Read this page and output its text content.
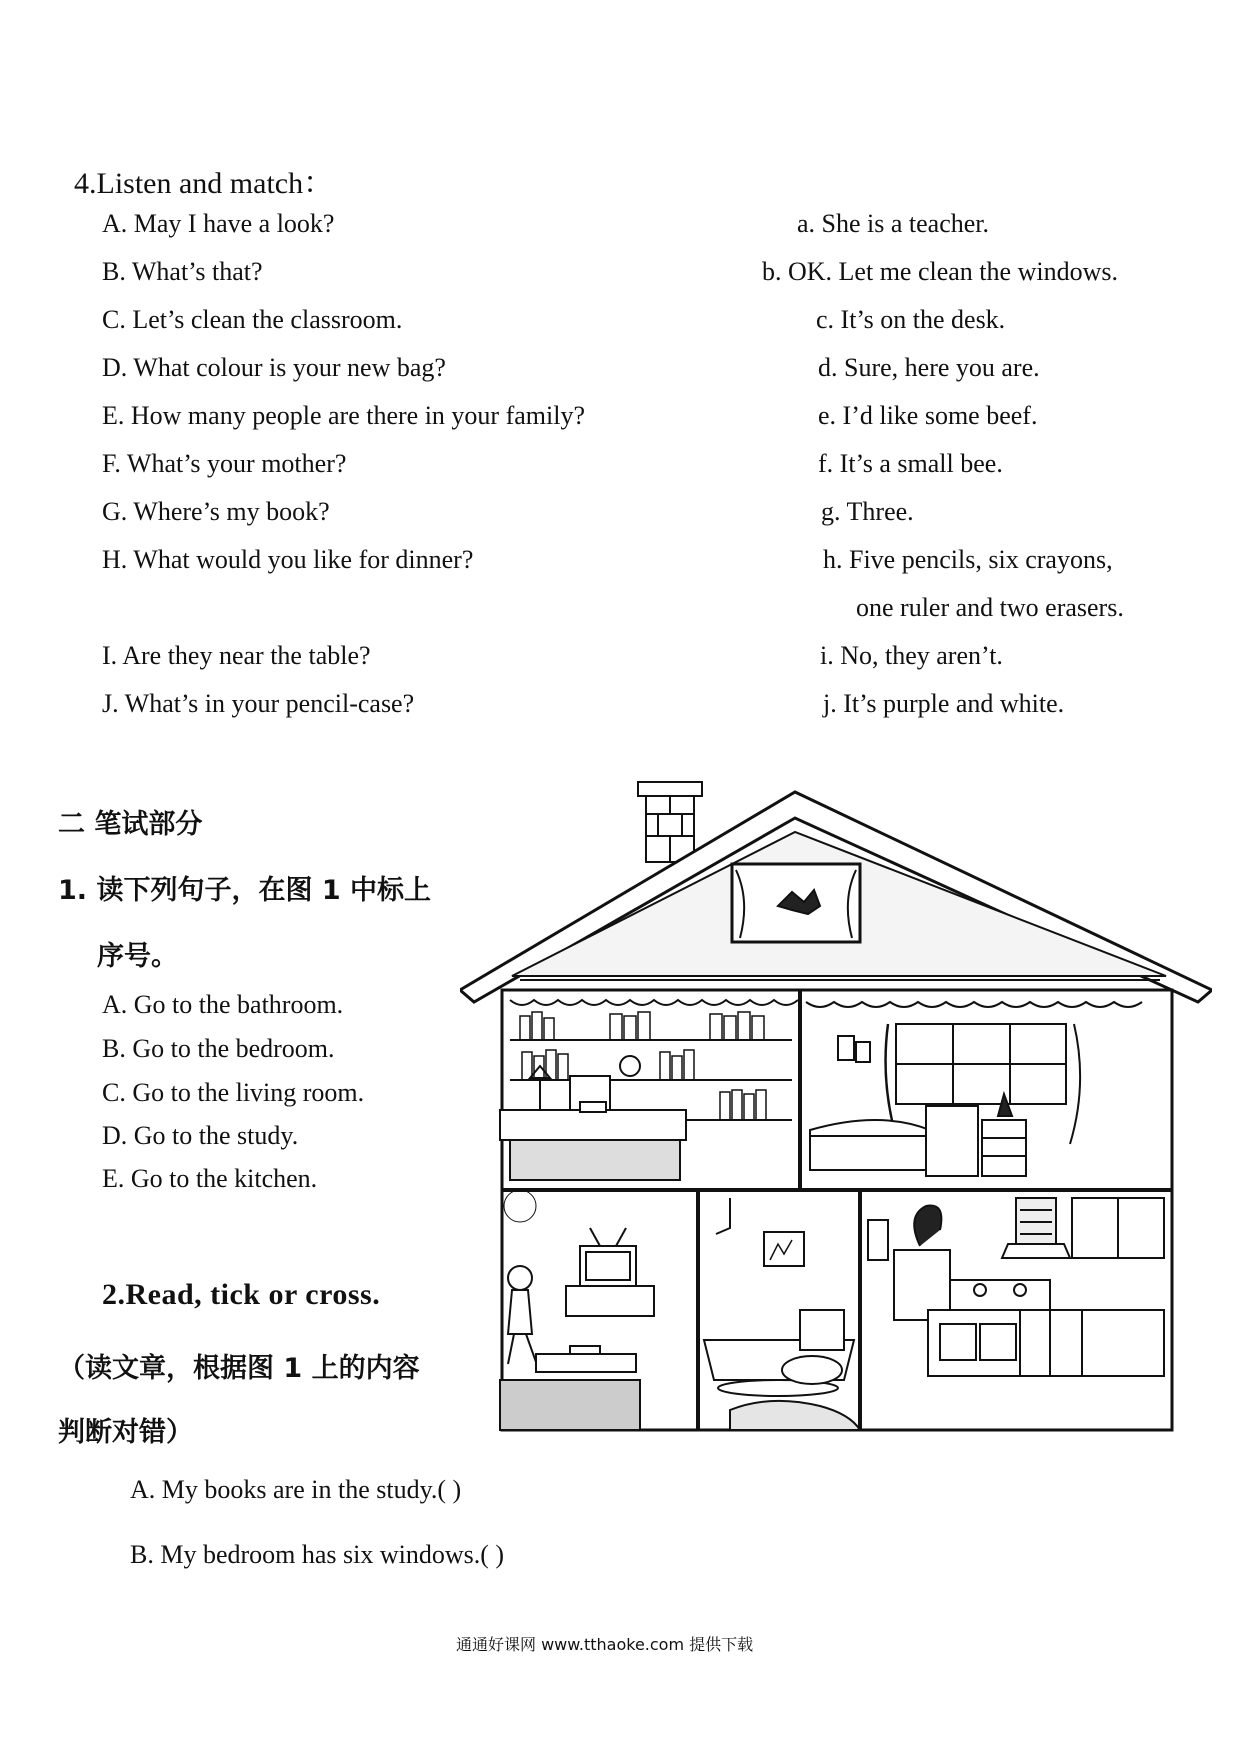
4.Listen and match：
A. May I have a look?
B. What’s that?
C. Let’s clean the classroom.
D. What colour is your new bag?
E. How many people are there in your family?
F. What’s your mother?
G. Where’s my book?
H. What would you like for dinner?
I. Are they near the table?
J. What’s in your pencil-case?
a. She is a teacher.
b. OK. Let me clean the windows.
c. It’s on the desk.
d. Sure, here you are.
e. I’d like some beef.
f. It’s a small bee.
g. Three.
h. Five pencils, six crayons,
one ruler and two erasers.
i. No, they aren’t.
j. It’s purple and white.
二 笔试部分
1. 读下列句子，在图 1 中标上
序号。
A. Go to the bathroom.
B. Go to the bedroom.
C. Go to the living room.
D. Go to the study.
E. Go to the kitchen.
2.Read, tick or cross.
（读文章，根据图 1 上的内容
判断对错）
A. My books are in the study.( )
B. My bedroom has six windows.( )
通通好课网 www.tthaoke.com 提供下载
